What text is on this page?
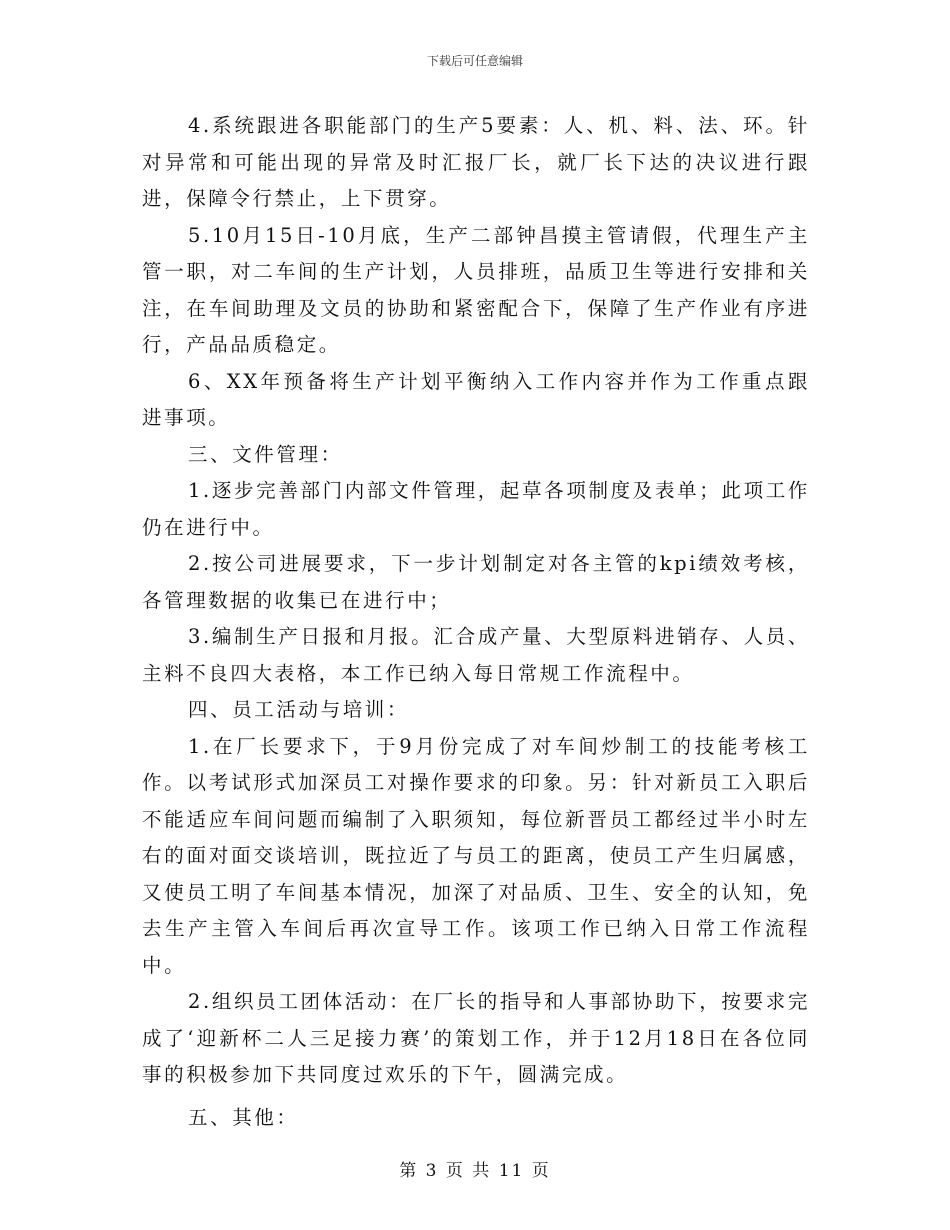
下载后可任意编辑

4.系统跟进各职能部门的生产5要素：人、机、料、法、环。针对异常和可能出现的异常及时汇报厂长，就厂长下达的决议进行跟进，保障令行禁止，上下贯穿。

5.10月15日-10月底，生产二部钟昌摸主管请假，代理生产主管一职，对二车间的生产计划，人员排班，品质卫生等进行安排和关注，在车间助理及文员的协助和紧密配合下，保障了生产作业有序进行，产品品质稳定。

6、XX年预备将生产计划平衡纳入工作内容并作为工作重点跟进事项。

三、文件管理：

1.逐步完善部门内部文件管理，起草各项制度及表单；此项工作仍在进行中。

2.按公司进展要求，下一步计划制定对各主管的kpi绩效考核，各管理数据的收集已在进行中；

3.编制生产日报和月报。汇合成产量、大型原料进销存、人员、主料不良四大表格，本工作已纳入每日常规工作流程中。

四、员工活动与培训：

1.在厂长要求下，于9月份完成了对车间炒制工的技能考核工作。以考试形式加深员工对操作要求的印象。另：针对新员工入职后不能适应车间问题而编制了入职须知，每位新晋员工都经过半小时左右的面对面交谈培训，既拉近了与员工的距离，使员工产生归属感，又使员工明了车间基本情况，加深了对品质、卫生、安全的认知，免去生产主管入车间后再次宣导工作。该项工作已纳入日常工作流程中。

2.组织员工团体活动：在厂长的指导和人事部协助下，按要求完成了‘迎新杯二人三足接力赛’的策划工作，并于12月18日在各位同事的积极参加下共同度过欢乐的下午，圆满完成。

五、其他：

第 3 页 共 11 页
